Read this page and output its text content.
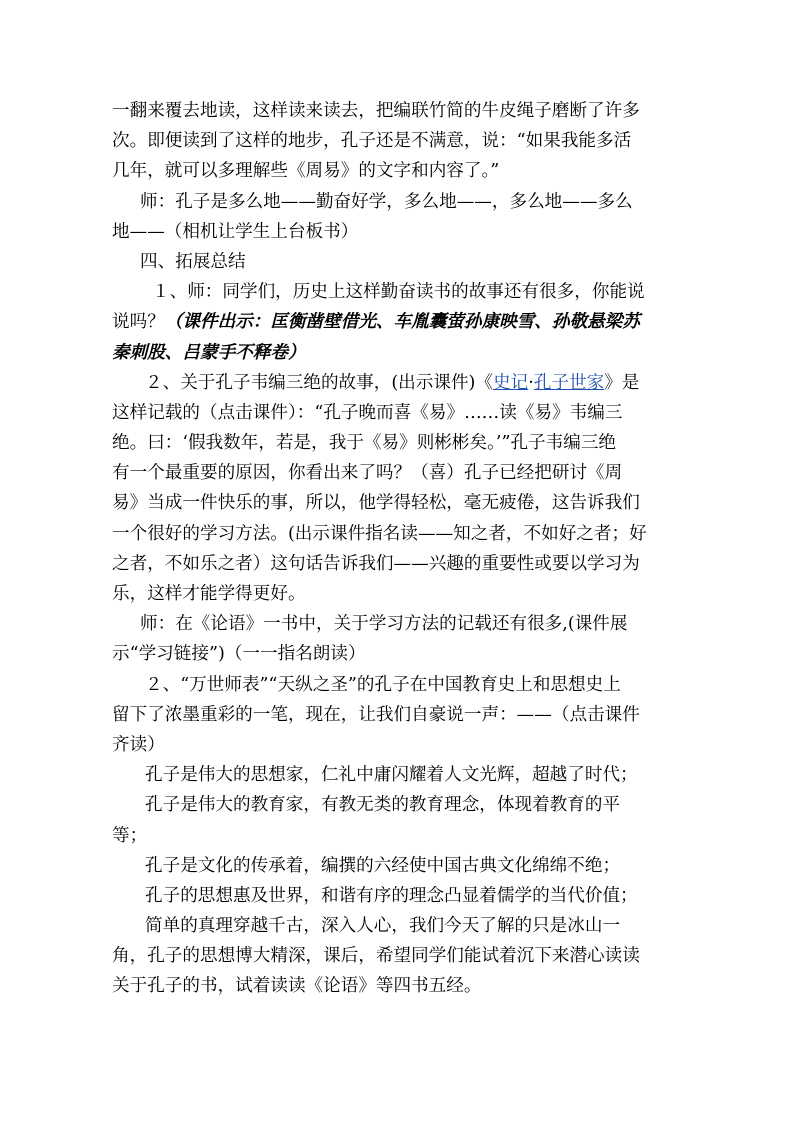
一翻来覆去地读，这样读来读去，把编联竹简的牛皮绳子磨断了许多
次。即便读到了这样的地步，孔子还是不满意，说：“如果我能多活
几年，就可以多理解些《周易》的文字和内容了。”
师：孔子是多么地——勤奋好学，多么地——，多么地——多么
地——（相机让学生上台板书）
四、拓展总结
１、师：同学们，历史上这样勤奋读书的故事还有很多，你能说
说吗？（课件出示：匡衡凿壁借光、车胤囊萤孙康映雪、孙敬悬梁苏
秦刺股、吕蒙手不释卷）
２、关于孔子韦编三绝的故事，(出示课件)《史记·孔子世家》是
这样记载的（点击课件）：“孔子晚而喜《易》……读《易》韦编三
绝。曰：‘假我数年，若是，我于《易》则彬彬矣。’”孔子韦编三绝
有一个最重要的原因，你看出来了吗？（喜）孔子已经把研讨《周
易》当成一件快乐的事，所以，他学得轻松，毫无疲倦，这告诉我们
一个很好的学习方法。(出示课件指名读——知之者，不如好之者；好
之者，不如乐之者）这句话告诉我们——兴趣的重要性或要以学习为
乐，这样才能学得更好。
师：在《论语》一书中，关于学习方法的记载还有很多,(课件展
示“学习链接”)（一一指名朗读）
２、“万世师表”“天纵之圣”的孔子在中国教育史上和思想史上
留下了浓墨重彩的一笔，现在，让我们自豪说一声：——（点击课件
齐读）
孔子是伟大的思想家，仁礼中庸闪耀着人文光辉，超越了时代；
孔子是伟大的教育家，有教无类的教育理念，体现着教育的平
等；
孔子是文化的传承着，编撰的六经使中国古典文化绵绵不绝；
孔子的思想惠及世界，和谐有序的理念凸显着儒学的当代价值；
简单的真理穿越千古，深入人心，我们今天了解的只是冰山一
角，孔子的思想博大精深，课后，希望同学们能试着沉下来潜心读读
关于孔子的书，试着读读《论语》等四书五经。
